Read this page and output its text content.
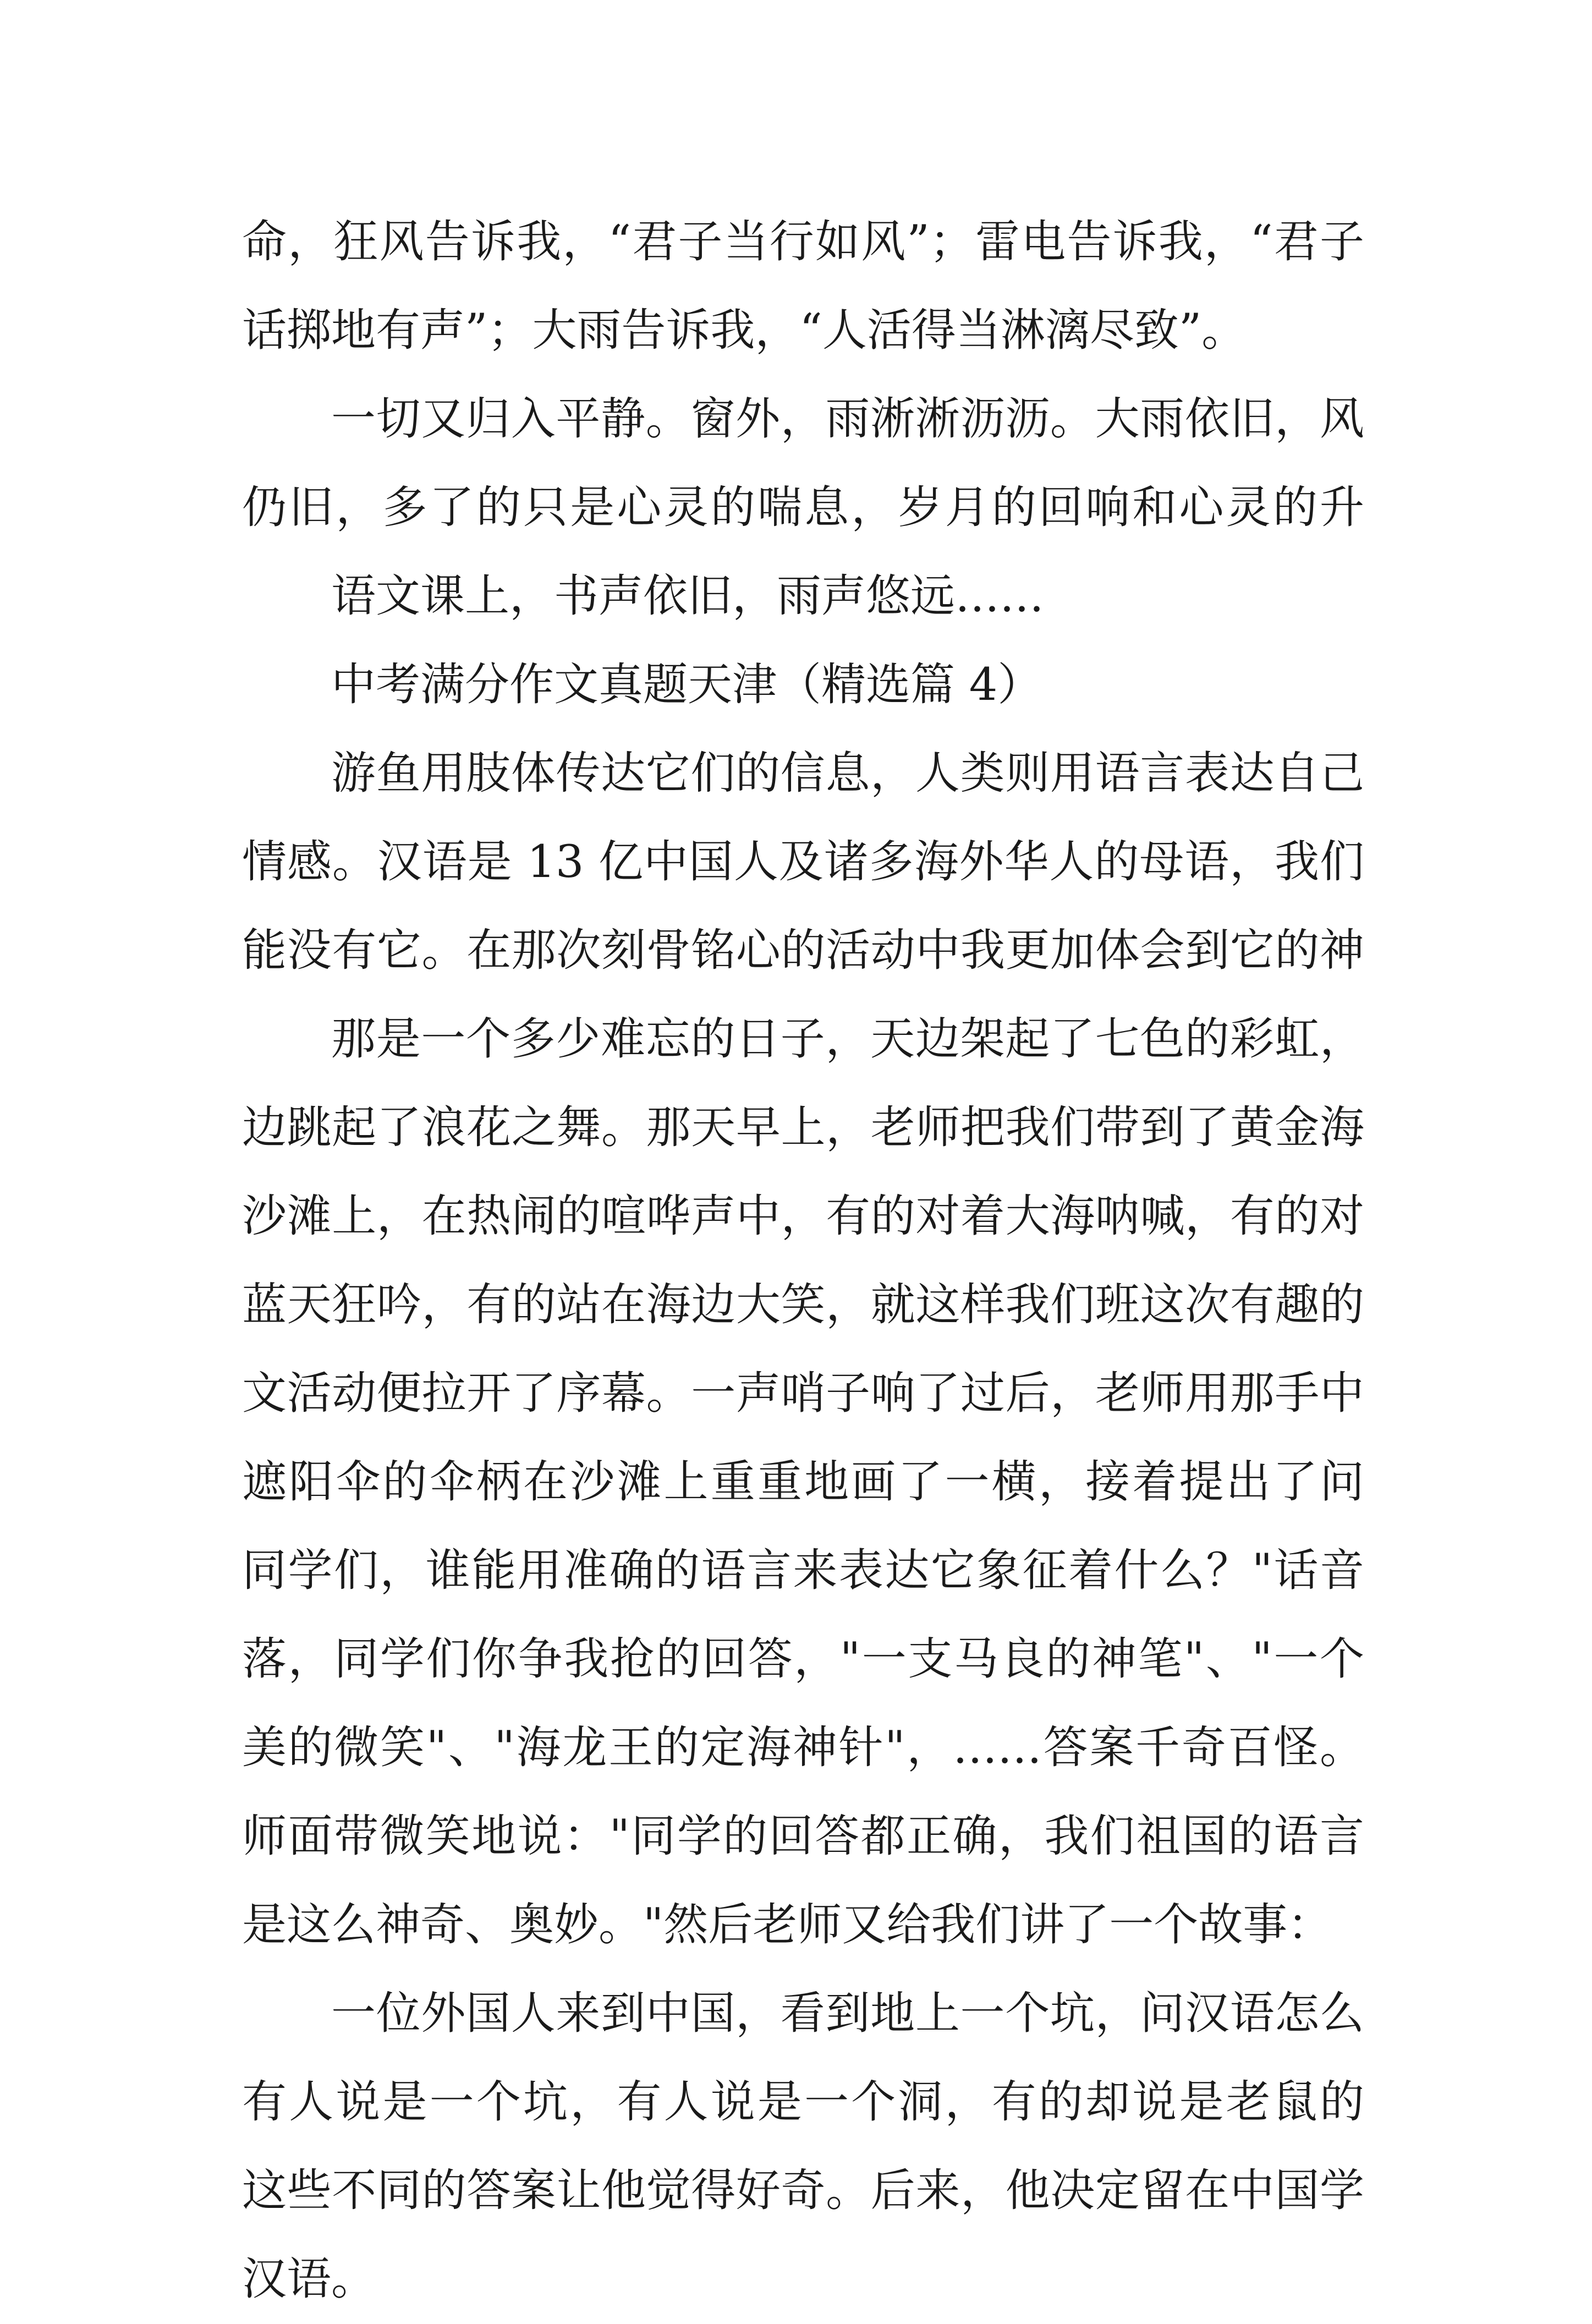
命，狂风告诉我，“君子当行如风”；雷电告诉我，“君子
话掷地有声”；大雨告诉我，“人活得当淋漓尽致”。
一切又归入平静。窗外，雨淅淅沥沥。大雨依旧，风
仍旧，多了的只是心灵的喘息，岁月的回响和心灵的升
语文课上，书声依旧，雨声悠远……
中考满分作文真题天津（精选篇 4）
游鱼用肢体传达它们的信息，人类则用语言表达自己
情感。汉语是 13 亿中国人及诸多海外华人的母语，我们
能没有它。在那次刻骨铭心的活动中我更加体会到它的神
那是一个多少难忘的日子，天边架起了七色的彩虹，
边跳起了浪花之舞。那天早上，老师把我们带到了黄金海
沙滩上，在热闹的喧哗声中，有的对着大海呐喊，有的对
蓝天狂吟，有的站在海边大笑，就这样我们班这次有趣的
文活动便拉开了序幕。一声哨子响了过后，老师用那手中
遮阳伞的伞柄在沙滩上重重地画了一横，接着提出了问
同学们，谁能用准确的语言来表达它象征着什么？"话音
落，同学们你争我抢的回答，"一支马良的神笔"、"一个
美的微笑"、"海龙王的定海神针"，……答案千奇百怪。
师面带微笑地说："同学的回答都正确，我们祖国的语言
是这么神奇、奥妙。"然后老师又给我们讲了一个故事：
一位外国人来到中国，看到地上一个坑，问汉语怎么
有人说是一个坑，有人说是一个洞，有的却说是老鼠的
这些不同的答案让他觉得好奇。后来，他决定留在中国学
汉语。
